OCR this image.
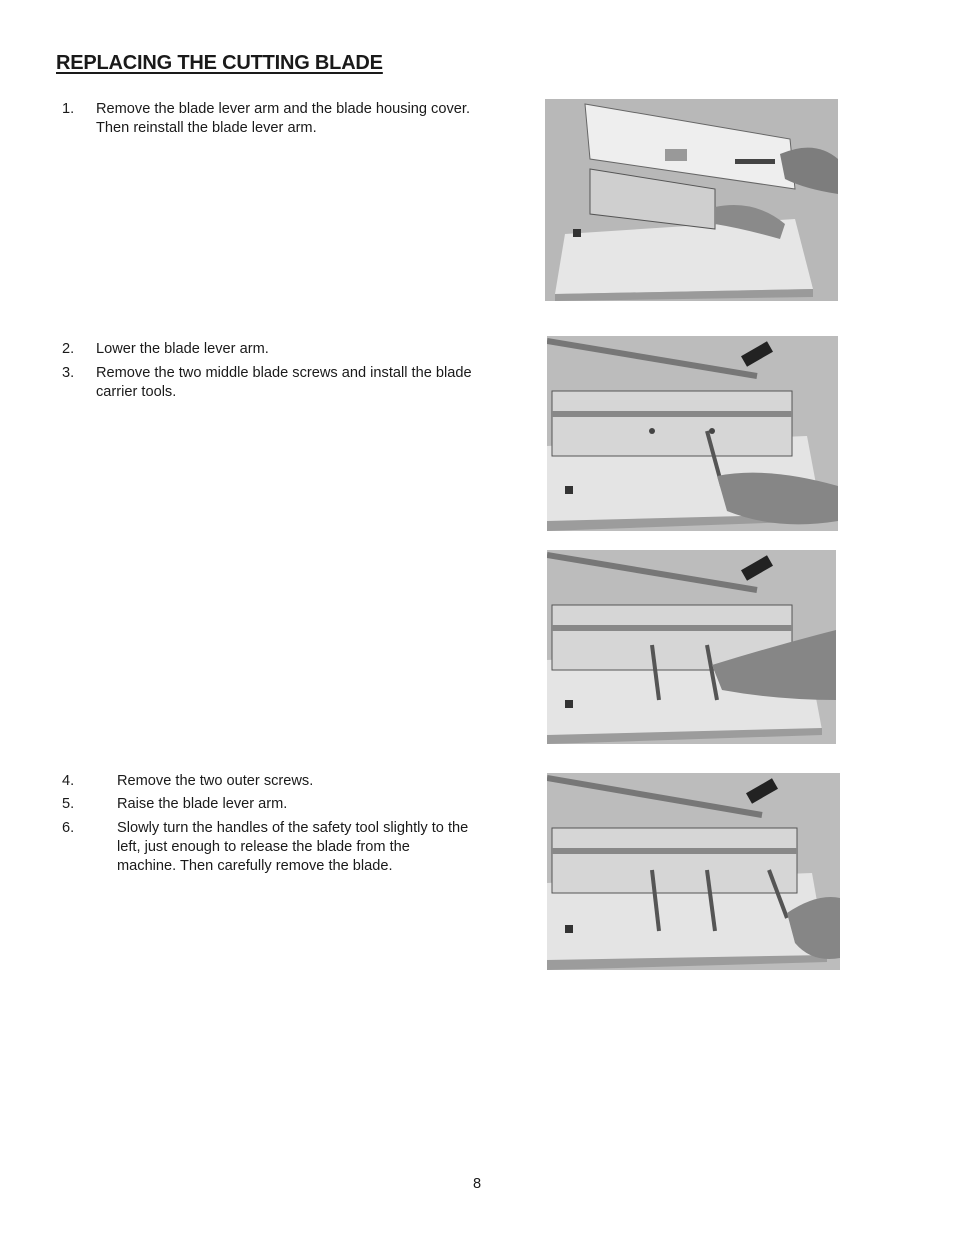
REPLACING THE CUTTING BLADE
1. Remove the blade lever arm and the blade housing cover. Then reinstall the blade lever arm.
2. Lower the blade lever arm.
3. Remove the two middle blade screws and install the blade carrier tools.
4.	Remove the two outer screws.
5.	Raise the blade lever arm.
6.	Slowly turn the handles of the safety tool slightly to the left, just enough to release the blade from the machine. Then carefully remove the blade.
8
